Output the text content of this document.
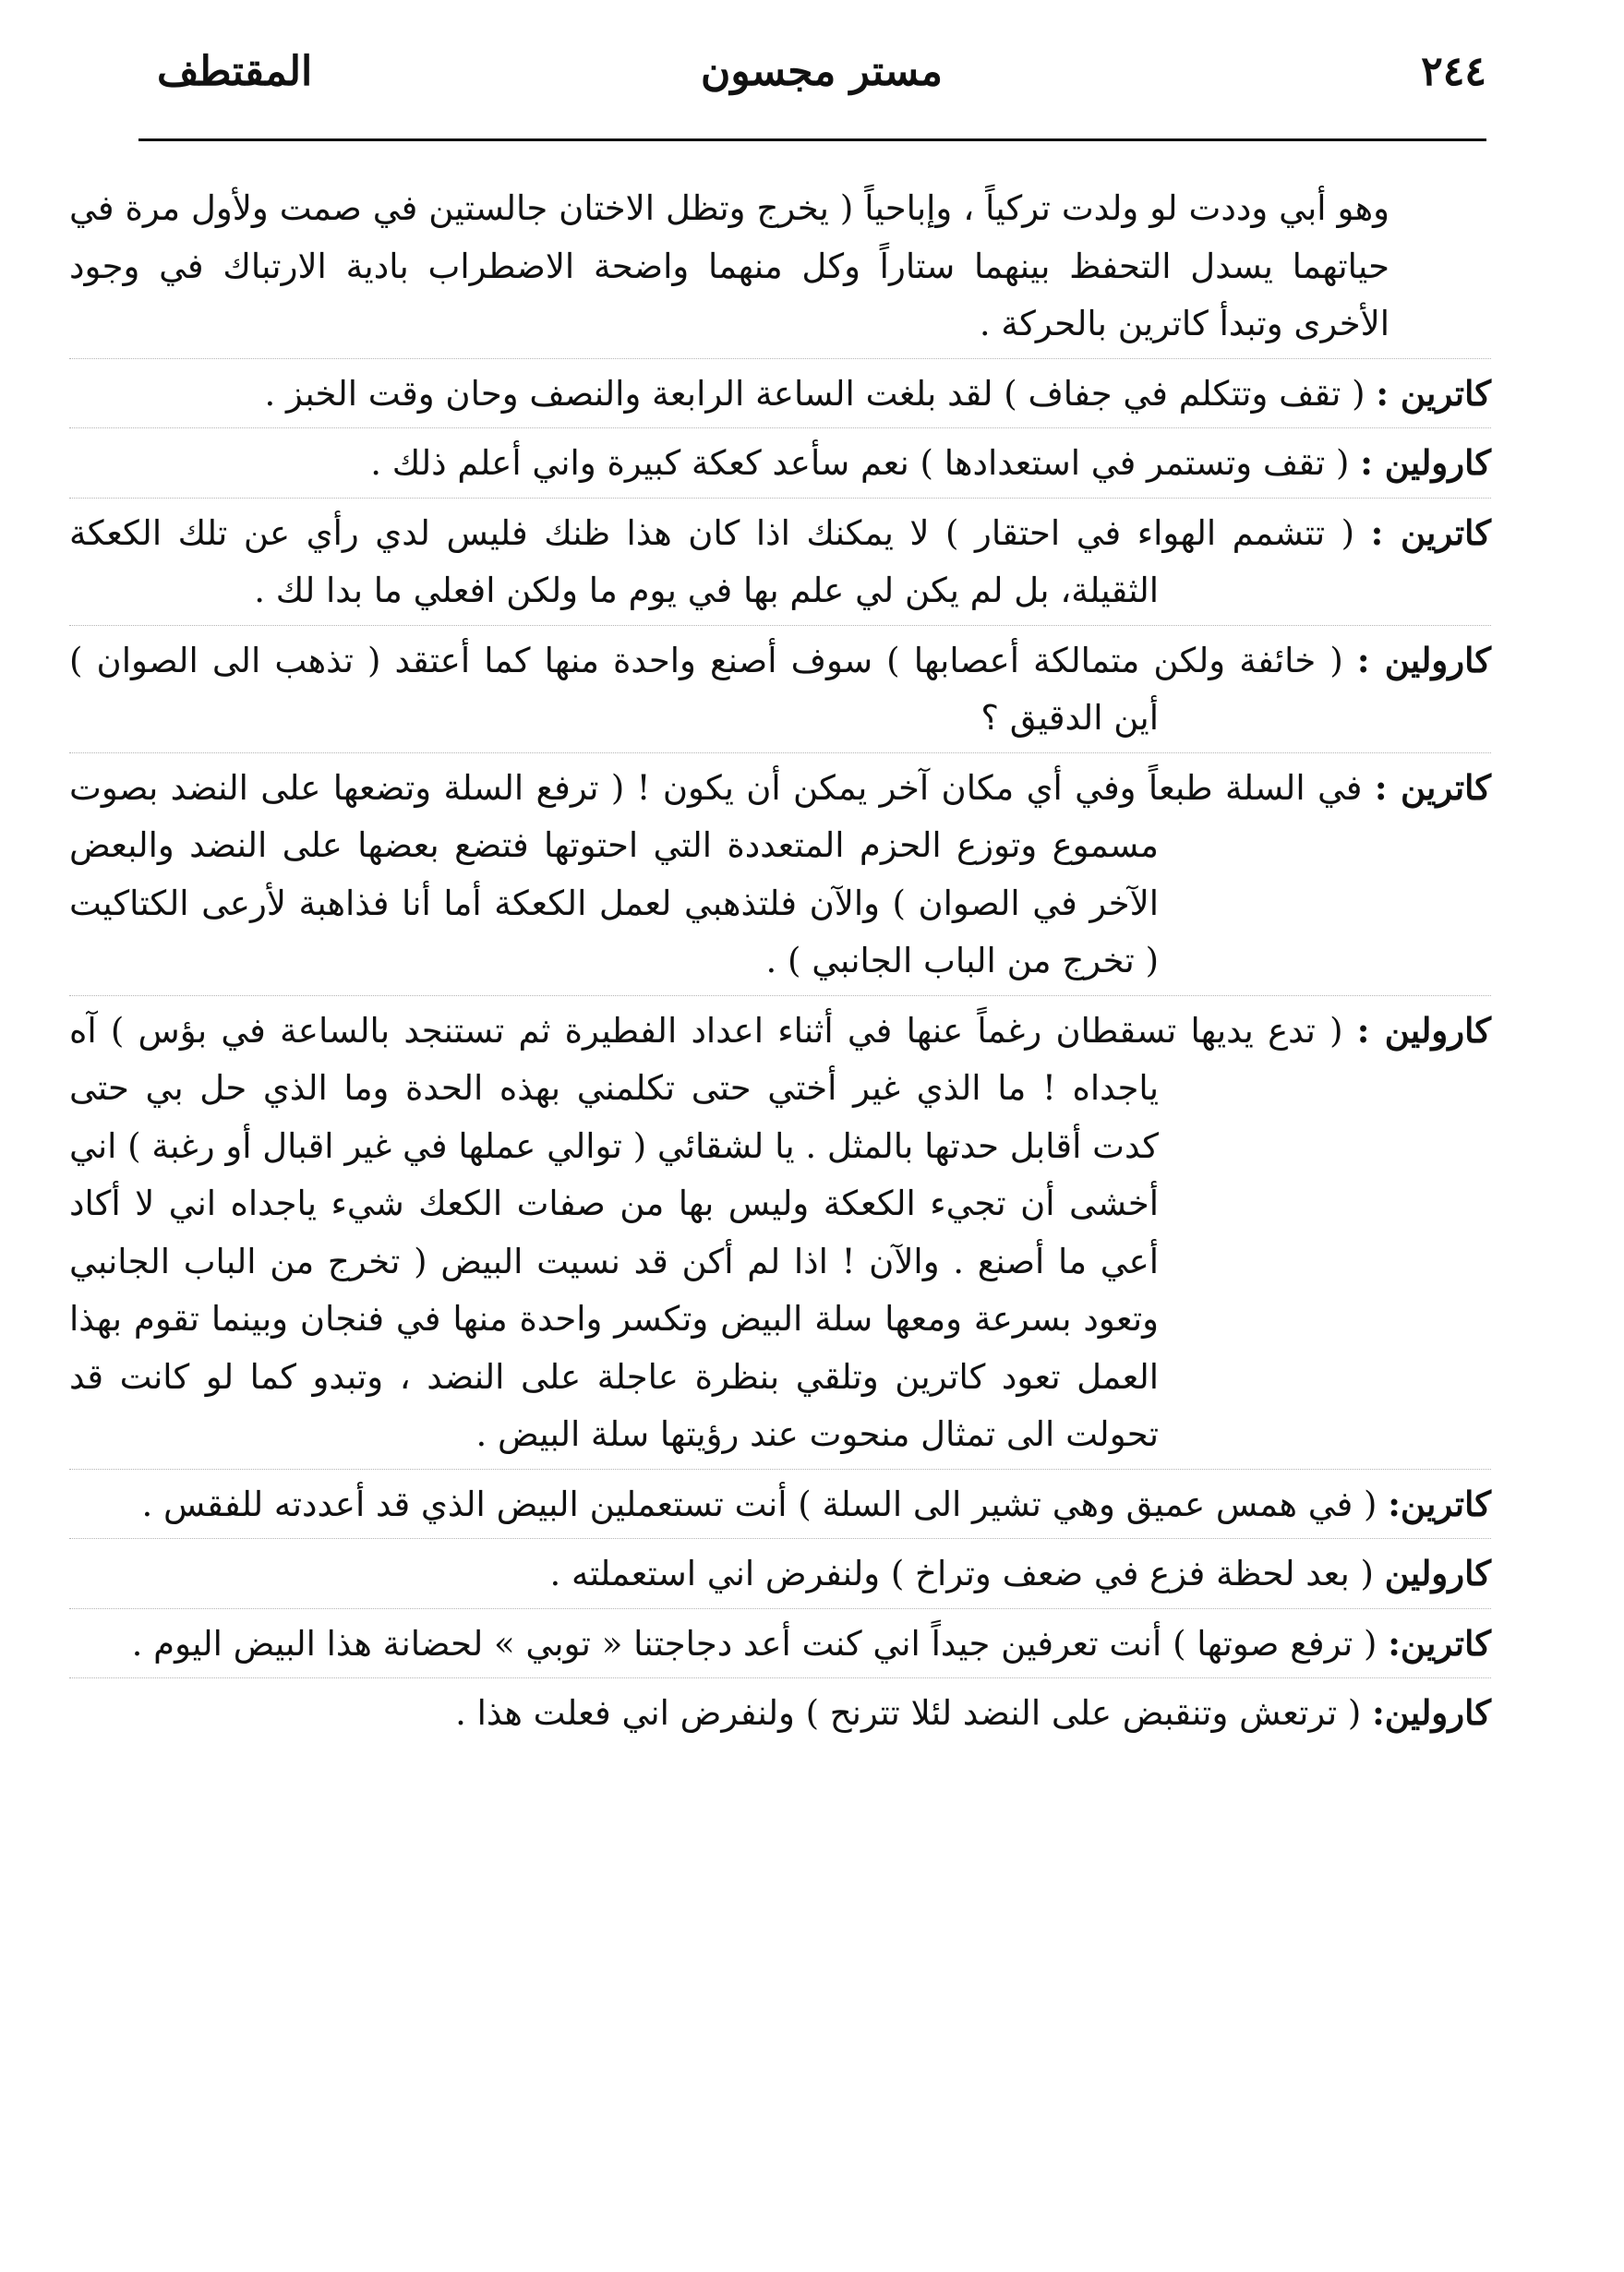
٢٤٤
مستر مجسون
المقتطف

وهو أبي وددت لو ولدت تركياً ، وإباحياً ( يخرج وتظل الاختان جالستين في صمت ولأول مرة في حياتهما يسدل التحفظ بينهما ستاراً وكل منهما واضحة الاضطراب بادية الارتباك في وجود الأخرى وتبدأ كاترين بالحركة .

كاترين : ( تقف وتتكلم في جفاف ) لقد بلغت الساعة الرابعة والنصف وحان وقت الخبز .

كارولين : ( تقف وتستمر في استعدادها ) نعم سأعد كعكة كبيرة واني أعلم ذلك .

كاترين : ( تتشمم الهواء في احتقار ) لا يمكنك اذا كان هذا ظنك فليس لدي رأي عن تلك الكعكة الثقيلة، بل لم يكن لي علم بها في يوم ما ولكن افعلي ما بدا لك .

كارولين : ( خائفة ولكن متمالكة أعصابها ) سوف أصنع واحدة منها كما أعتقد ( تذهب الى الصوان ) أين الدقيق ؟

كاترين : في السلة طبعاً وفي أي مكان آخر يمكن أن يكون ! ( ترفع السلة وتضعها على النضد بصوت مسموع وتوزع الحزم المتعددة التي احتوتها فتضع بعضها على النضد والبعض الآخر في الصوان ) والآن فلتذهبي لعمل الكعكة أما أنا فذاهبة لأرعى الكتاكيت ( تخرج من الباب الجانبي ) .

كارولين : ( تدع يديها تسقطان رغماً عنها في أثناء اعداد الفطيرة ثم تستنجد بالساعة في بؤس ) آه ياجداه ! ما الذي غير أختي حتى تكلمني بهذه الحدة وما الذي حل بي حتى كدت أقابل حدتها بالمثل . يا لشقائي ( توالي عملها في غير اقبال أو رغبة ) اني أخشى أن تجيء الكعكة وليس بها من صفات الكعك شيء ياجداه اني لا أكاد أعي ما أصنع . والآن ! اذا لم أكن قد نسيت البيض ( تخرج من الباب الجانبي وتعود بسرعة ومعها سلة البيض وتكسر واحدة منها في فنجان وبينما تقوم بهذا العمل تعود كاترين وتلقي بنظرة عاجلة على النضد ، وتبدو كما لو كانت قد تحولت الى تمثال منحوت عند رؤيتها سلة البيض .

كاترين: ( في همس عميق وهي تشير الى السلة ) أنت تستعملين البيض الذي قد أعددته للفقس .

كارولين ( بعد لحظة فزع في ضعف وتراخ ) ولنفرض اني استعملته .

كاترين: ( ترفع صوتها ) أنت تعرفين جيداً اني كنت أعد دجاجتنا « توبي » لحضانة هذا البيض اليوم .

كارولين: ( ترتعش وتنقبض على النضد لئلا تترنح ) ولنفرض اني فعلت هذا .
